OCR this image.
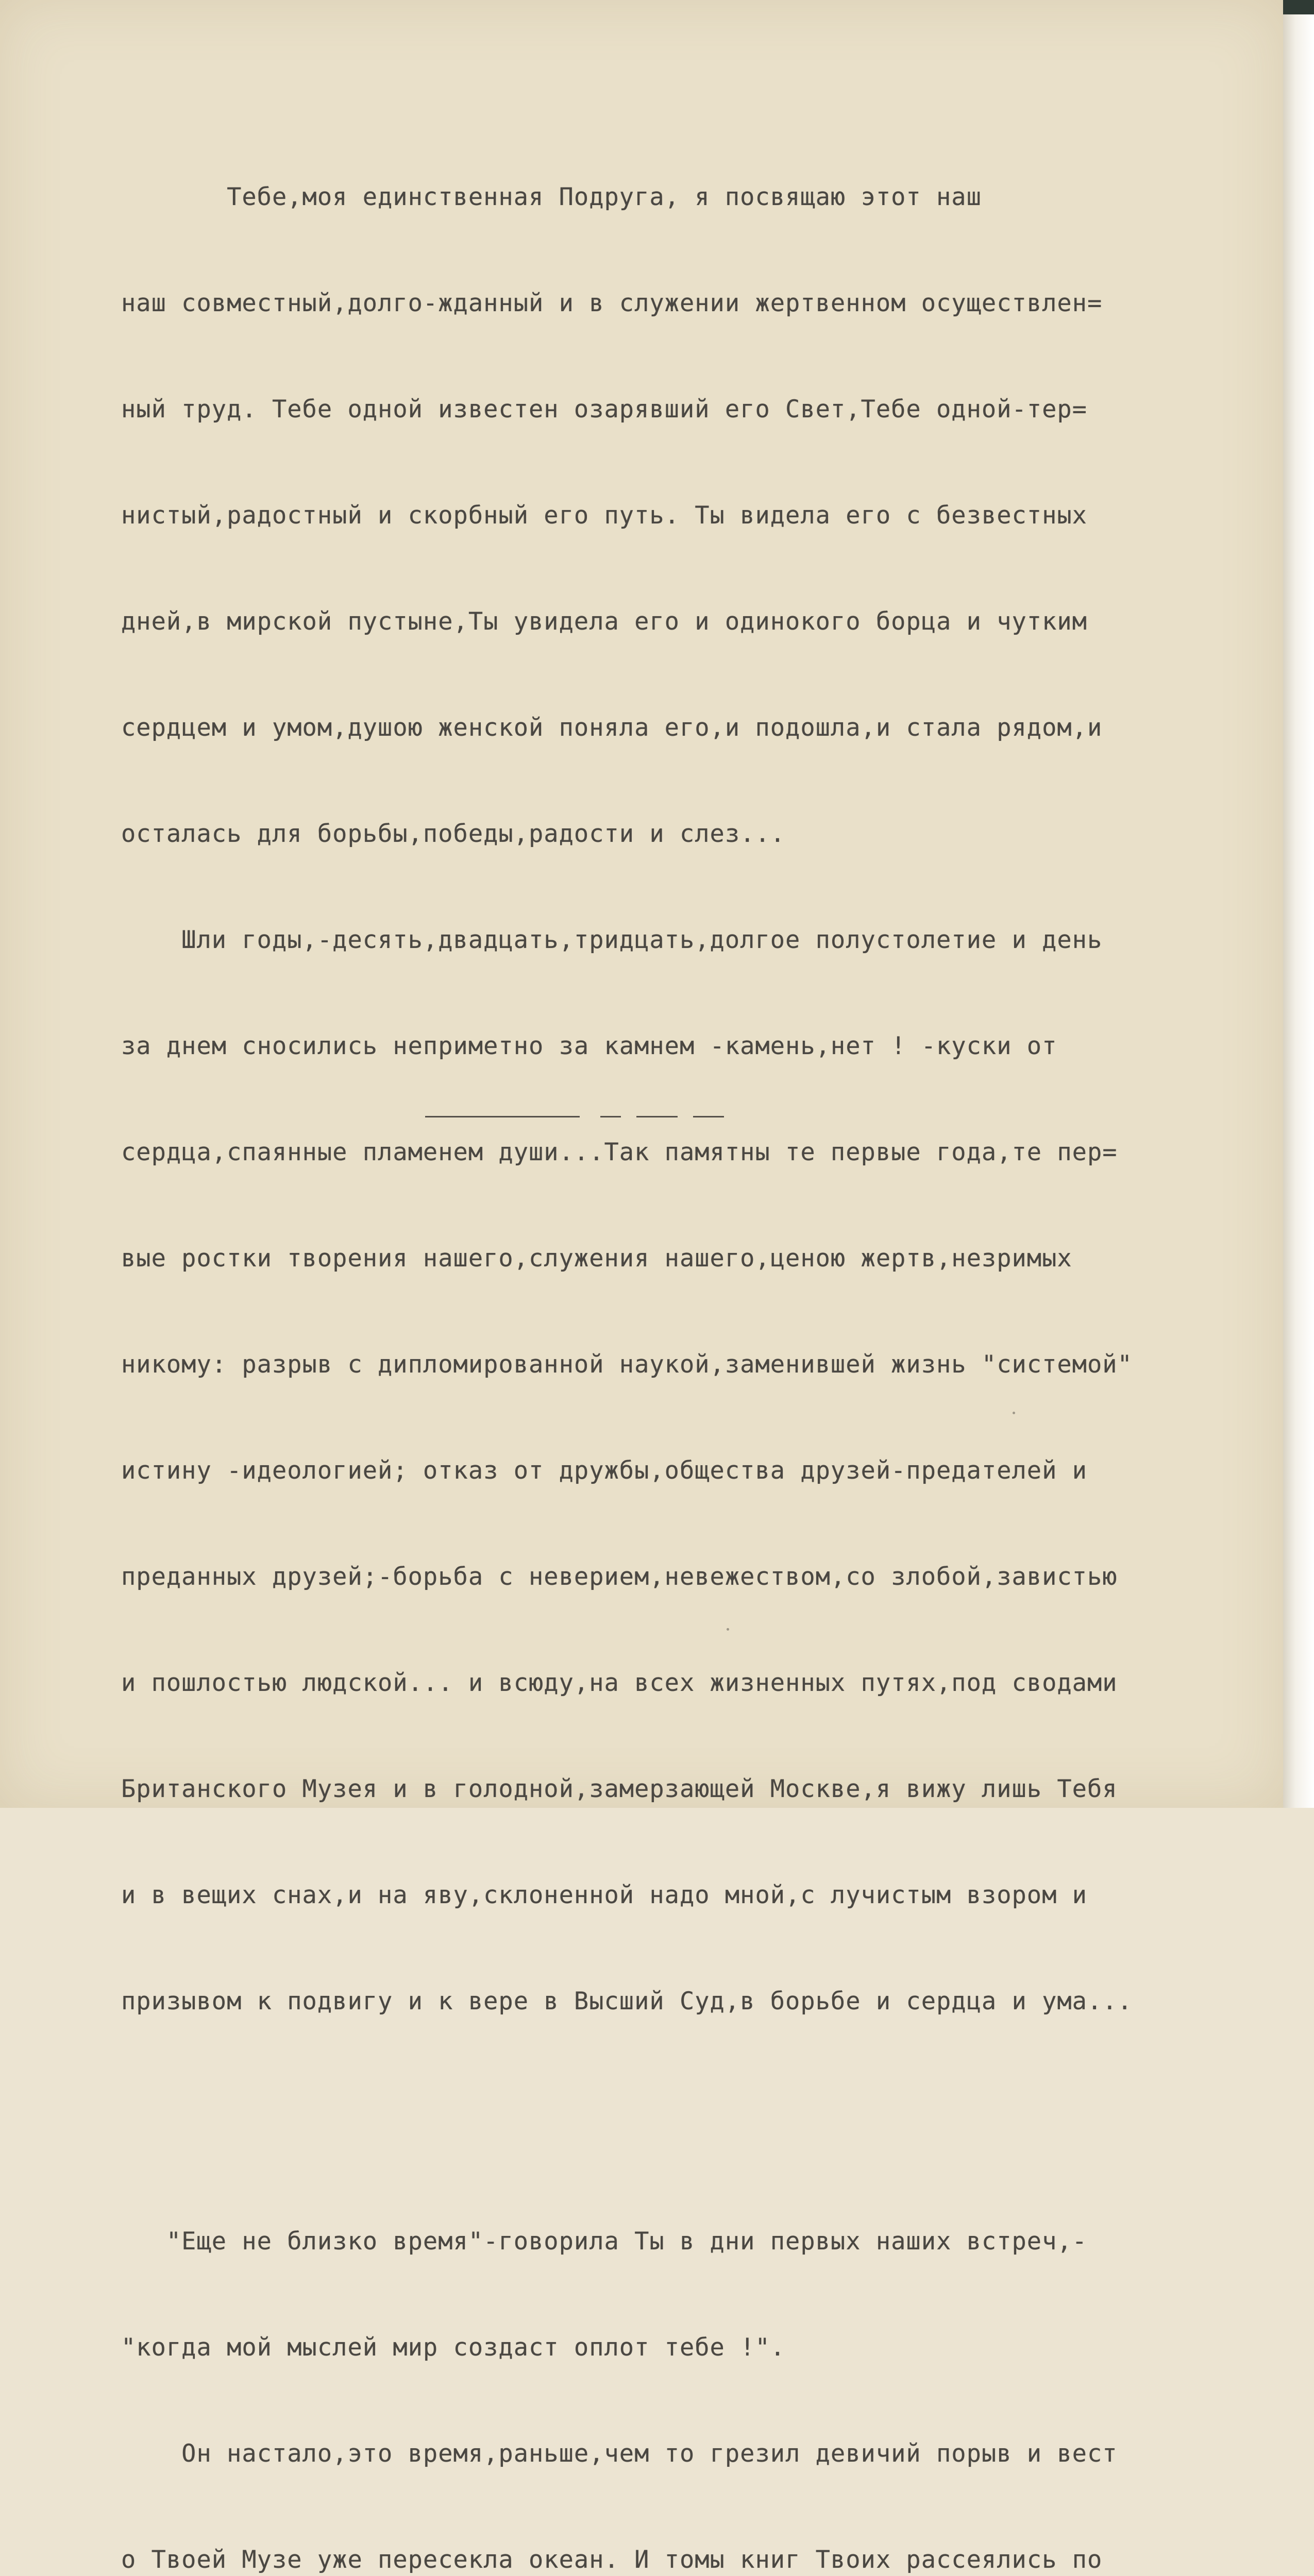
Тебе,моя единственная Подруга, я посвящаю этот наш

наш совместный,долго-жданный и в служении жертвенном осуществлен=

ный труд. Тебе одной известен озарявший его Свет,Тебе одной-тер=

нистый,радостный и скорбный его путь. Ты видела его с безвестных

дней,в мирской пустыне,Ты увидела его и одинокого борца и чутким

сердцем и умом,душою женской поняла его,и подошла,и стала рядом,и

осталась для борьбы,победы,радости и слез...

Шли годы,-десять,двадцать,тридцать,долгое полустолетие и день

за днем сносились неприметно за камнем -камень,нет ! -куски от

сердца,спаянные пламенем души...Так памятны те первые года,те пер=

вые ростки творения нашего,служения нашего,ценою жертв,незримых

никому: разрыв с дипломированной наукой,заменившей жизнь "системой"

истину -идеологией; отказ от дружбы,общества друзей-предателей и

преданных друзей;-борьба с неверием,невежеством,со злобой,завистью

и пошлостью людской... и всюду,на всех жизненных путях,под сводами

Британского Музея и в голодной,замерзающей Москве,я вижу лишь Тебя

и в вещих снах,и на яву,склоненной надо мной,с лучистым взором и

призывом к подвигу и к вере в Высший Суд,в борьбе и сердца и ума...

"Еще не близко время"-говорила Ты в дни первых наших встреч,-

"когда мой мыслей мир создаст оплот тебе !".

Он настало,это время,раньше,чем то грезил девичий порыв и вест

о Твоей Музе уже пересекла океан. И томы книг Твоих рассеялись по
